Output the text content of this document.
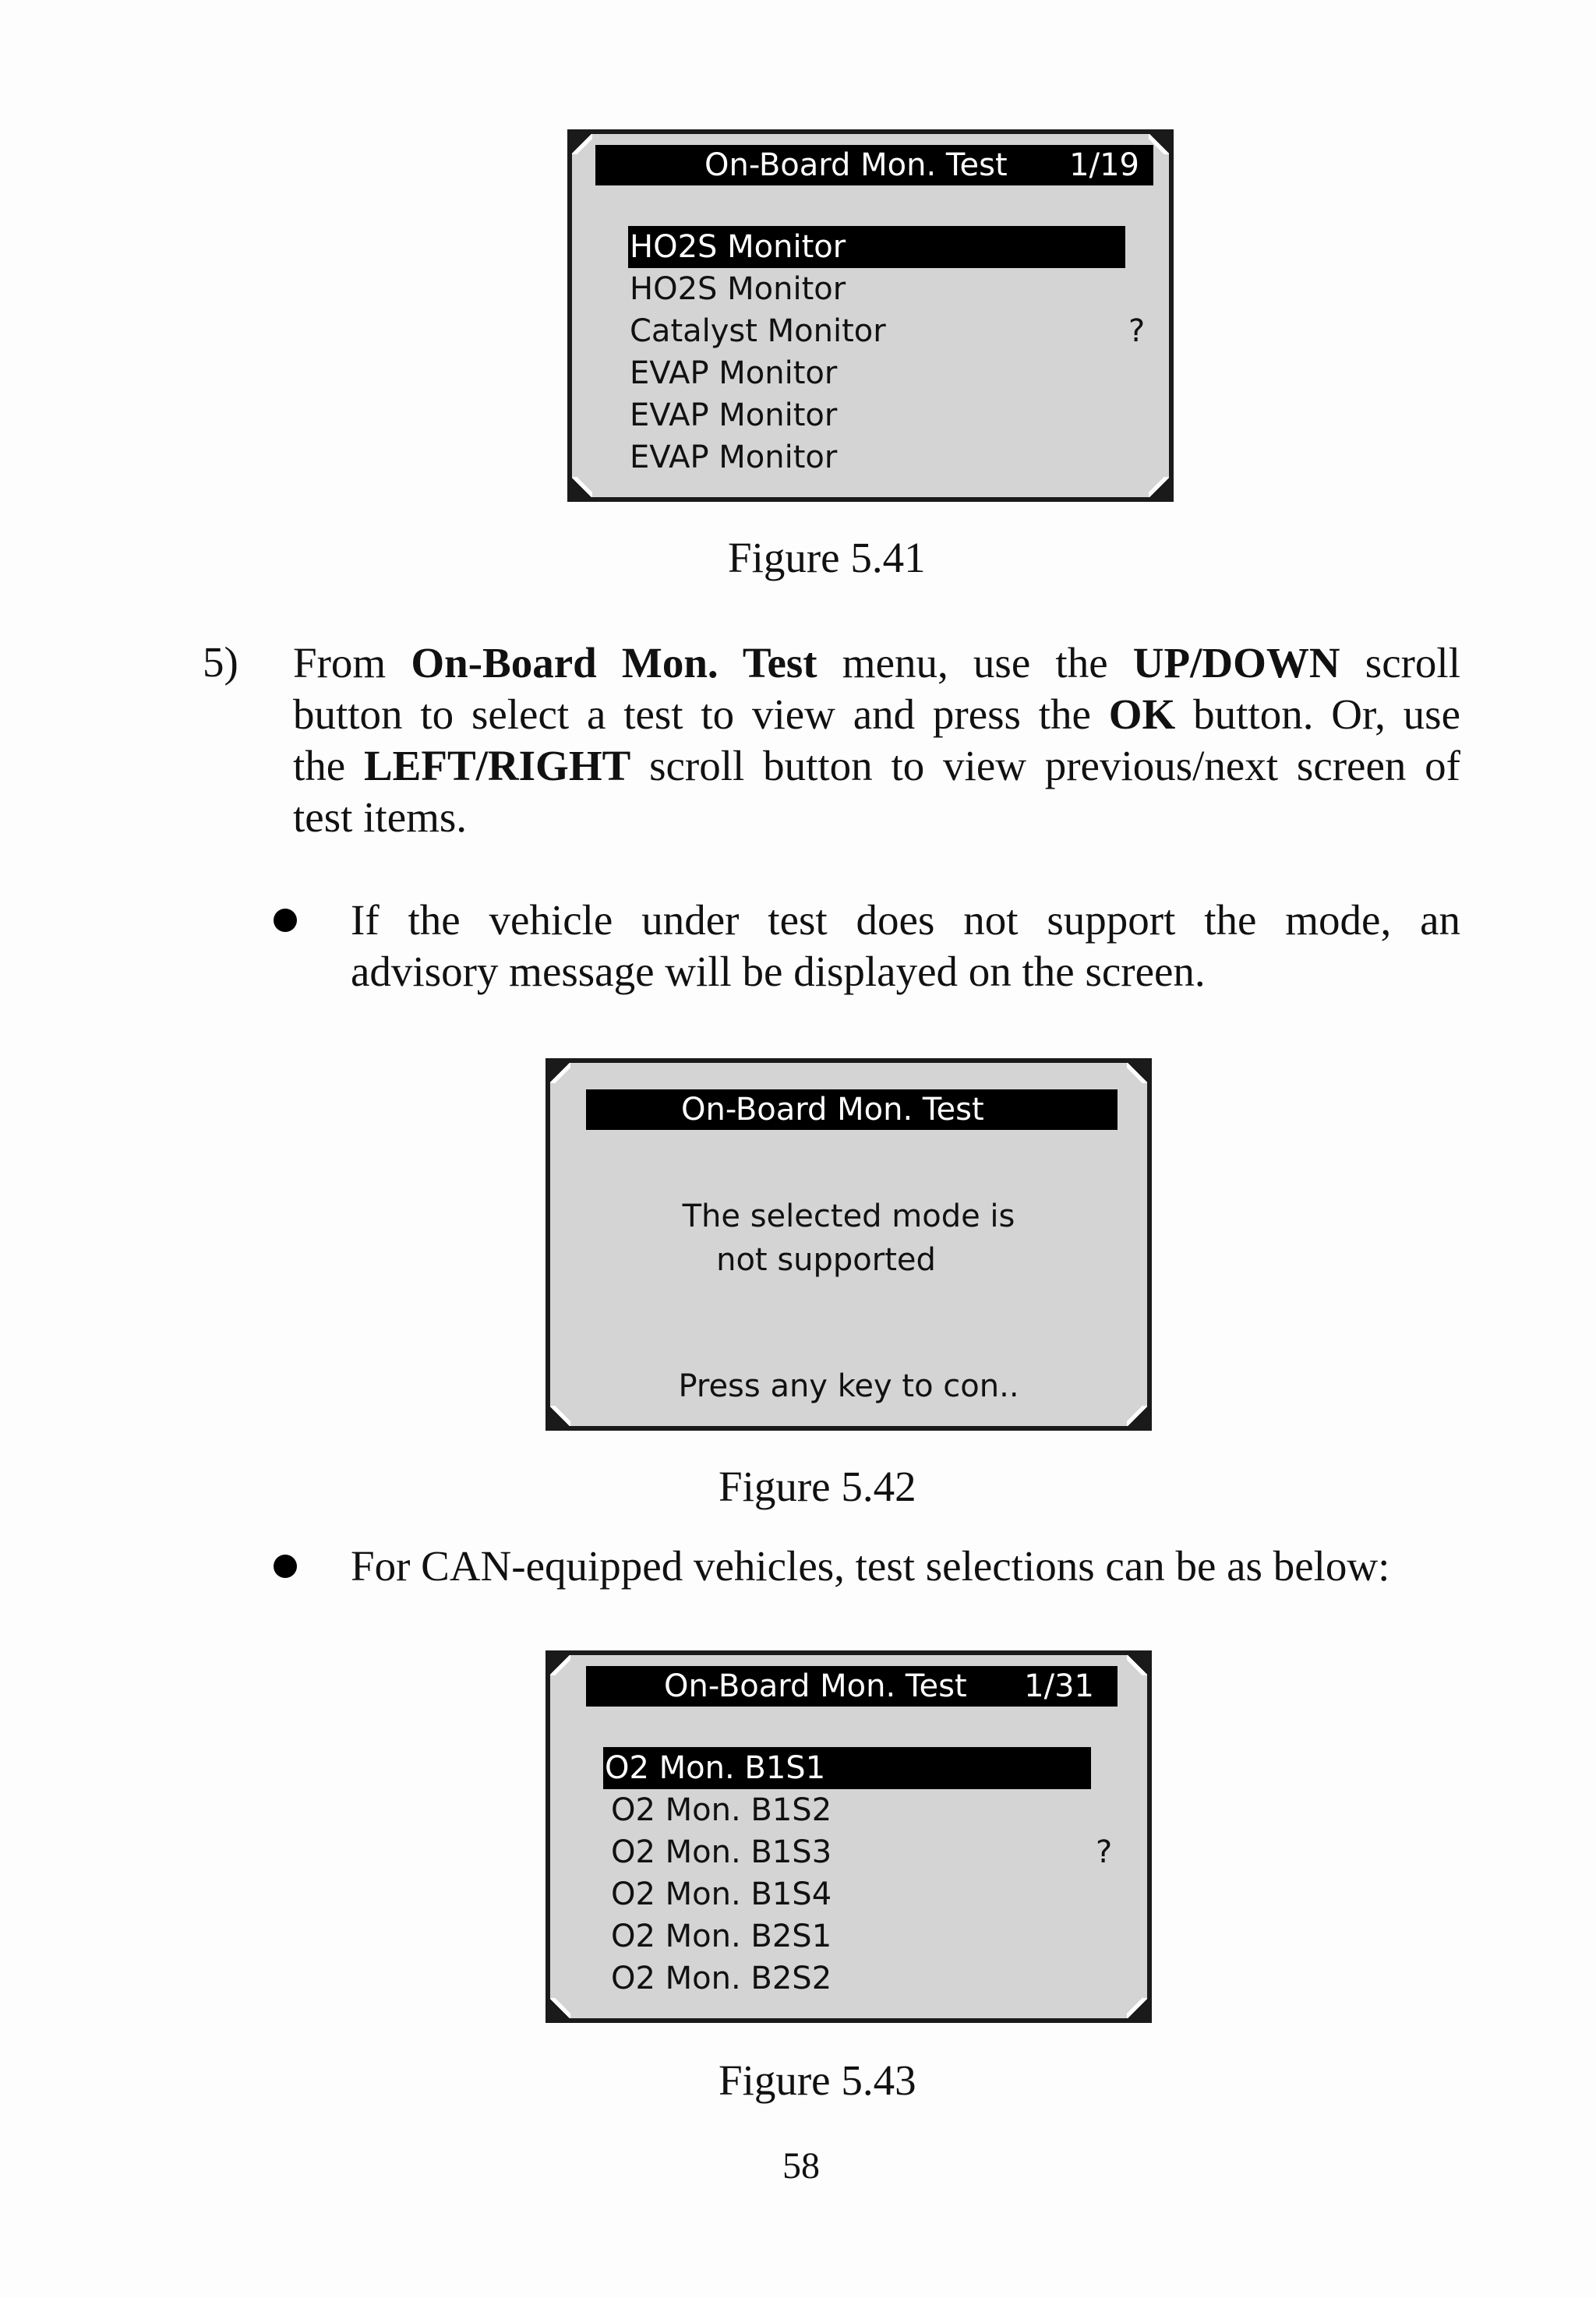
On-Board Mon. Test 1/19
HO2S Monitor
HO2S Monitor
Catalyst Monitor
EVAP Monitor
EVAP Monitor
EVAP Monitor
?
Figure 5.41
5) From On-Board Mon. Test menu, use the UP/DOWN scroll
button to select a test to view and press the OK button. Or, use
the LEFT/RIGHT scroll button to view previous/next screen of
test items.
If the vehicle under test does not support the mode, an
advisory message will be displayed on the screen.
On-Board Mon. Test
The selected mode is
not supported
Press any key to con..
Figure 5.42
For CAN-equipped vehicles, test selections can be as below:
On-Board Mon. Test 1/31
O2 Mon. B1S1
O2 Mon. B1S2
O2 Mon. B1S3
O2 Mon. B1S4
O2 Mon. B2S1
O2 Mon. B2S2
?
Figure 5.43
58
